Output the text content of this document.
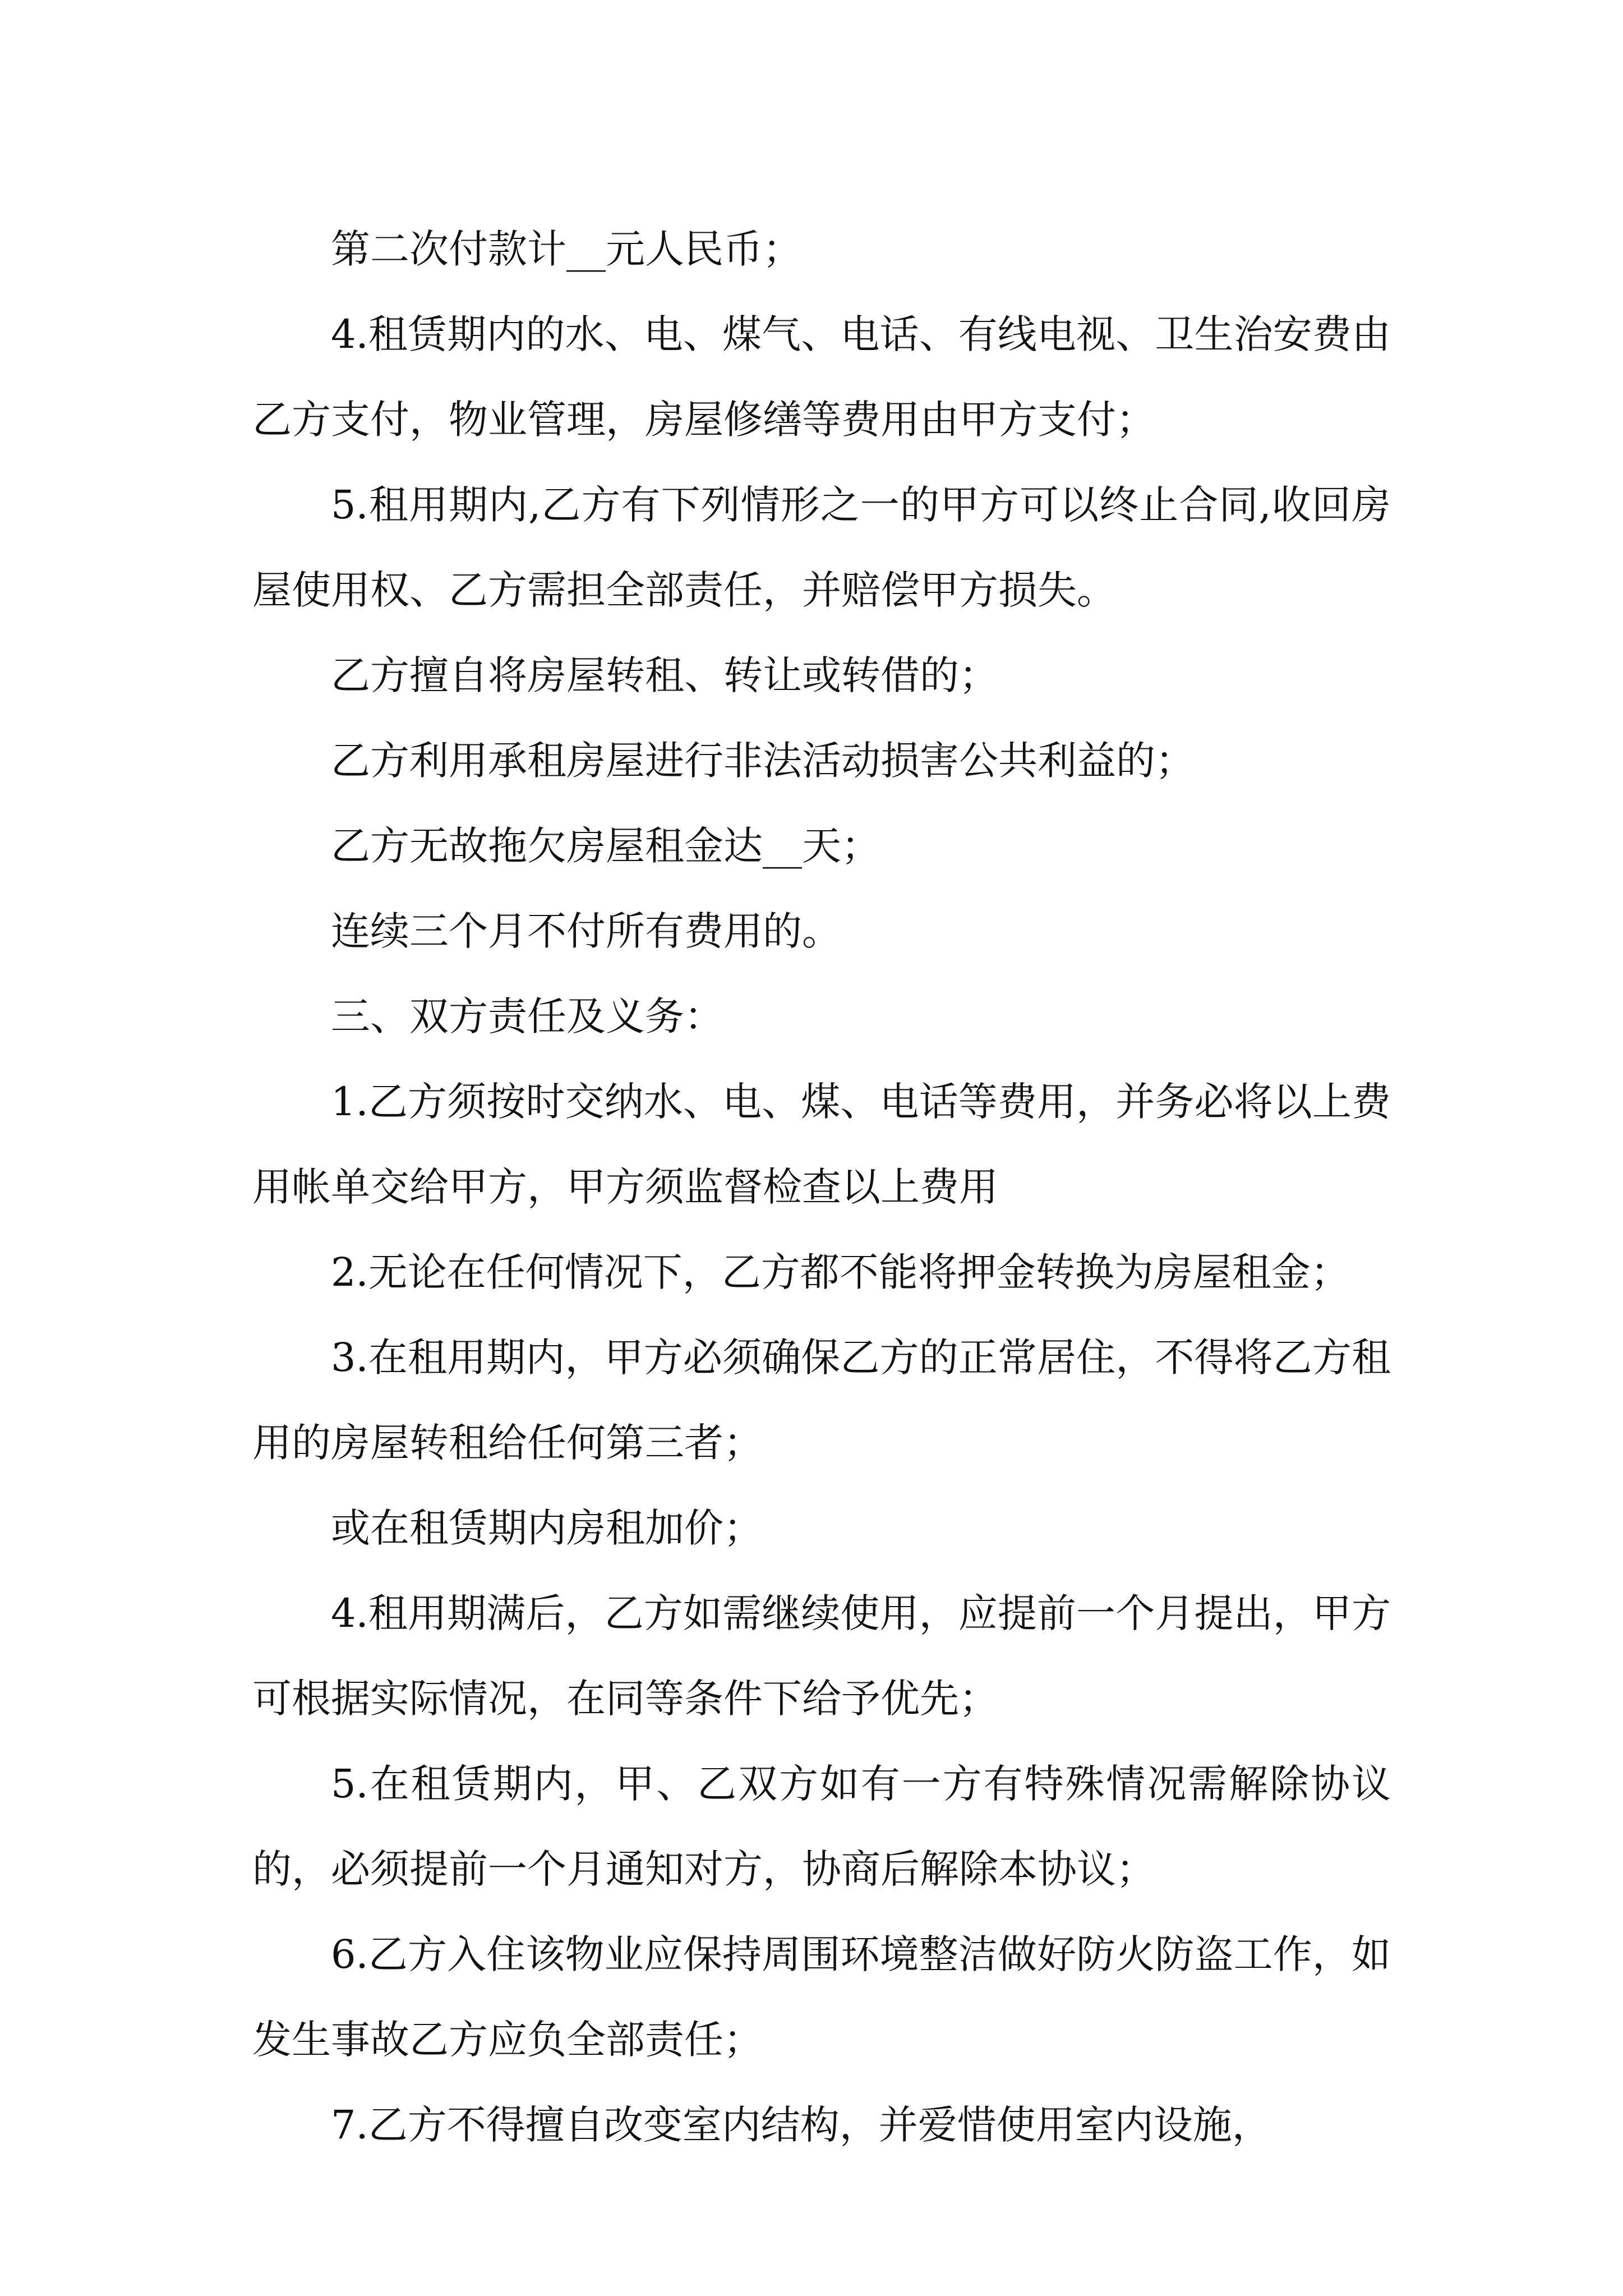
第二次付款计__元人民币；

4.租赁期内的水、电、煤气、电话、有线电视、卫生治安费由乙方支付，物业管理，房屋修缮等费用由甲方支付；

5.租用期内,乙方有下列情形之一的甲方可以终止合同,收回房屋使用权、乙方需担全部责任，并赔偿甲方损失。

乙方擅自将房屋转租、转让或转借的；

乙方利用承租房屋进行非法活动损害公共利益的；

乙方无故拖欠房屋租金达__天；

连续三个月不付所有费用的。

三、双方责任及义务：

1.乙方须按时交纳水、电、煤、电话等费用，并务必将以上费用帐单交给甲方，甲方须监督检查以上费用

2.无论在任何情况下，乙方都不能将押金转换为房屋租金；

3.在租用期内，甲方必须确保乙方的正常居住，不得将乙方租用的房屋转租给任何第三者；

或在租赁期内房租加价；

4.租用期满后，乙方如需继续使用，应提前一个月提出，甲方可根据实际情况，在同等条件下给予优先；

5.在租赁期内，甲、乙双方如有一方有特殊情况需解除协议的，必须提前一个月通知对方，协商后解除本协议；

6.乙方入住该物业应保持周围环境整洁做好防火防盗工作，如发生事故乙方应负全部责任；

7.乙方不得擅自改变室内结构，并爱惜使用室内设施，
